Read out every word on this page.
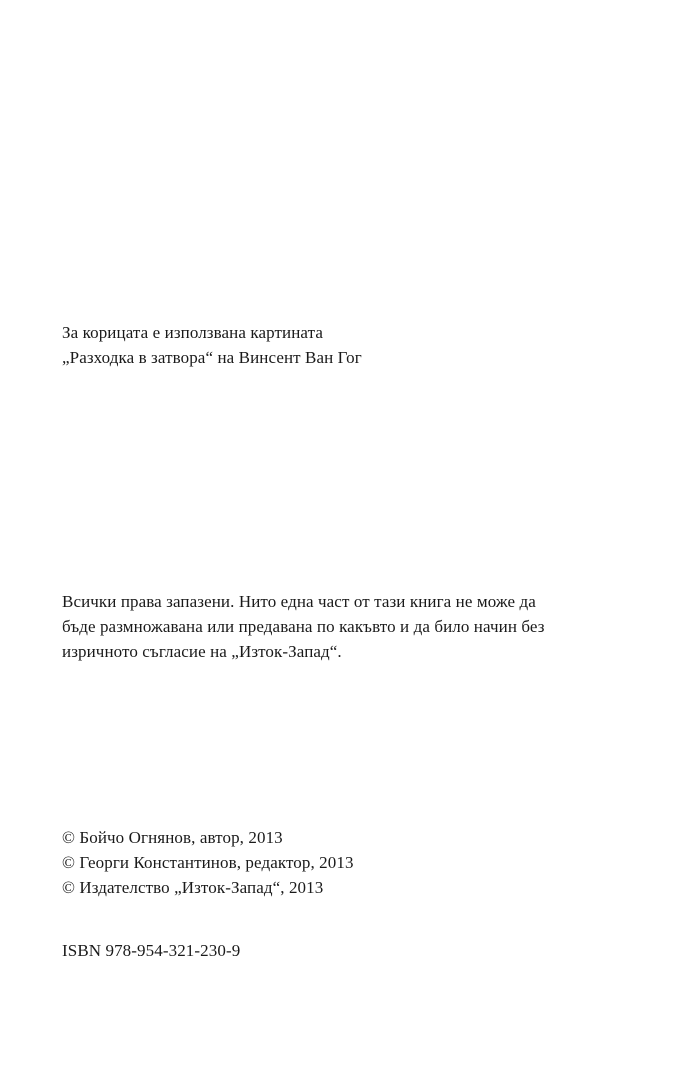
За корицата е използвана картината
„Разходка в затвора“ на Винсент Ван Гог
Всички права запазени. Нито една част от тази книга не може да
бъде размножавана или предавана по какъвто и да било начин без
изричното съгласие на „Изток-Запад“.
© Бойчо Огнянов, автор, 2013
© Георги Константинов, редактор, 2013
© Издателство „Изток-Запад“, 2013
ISBN 978-954-321-230-9
